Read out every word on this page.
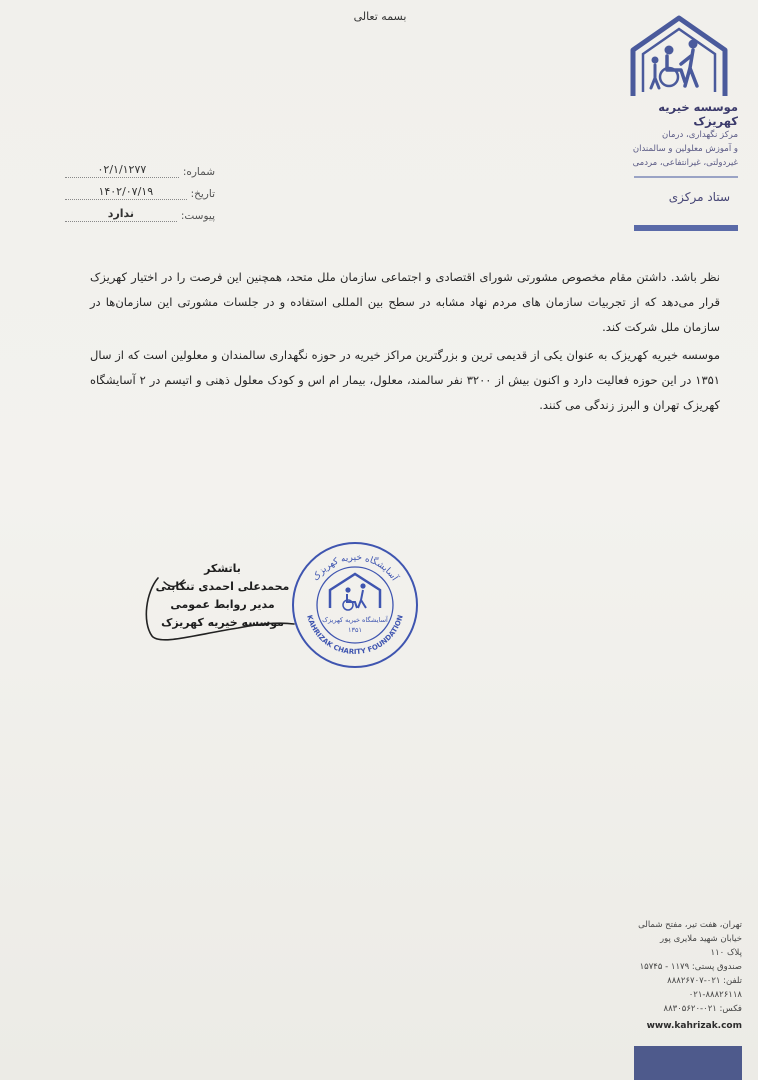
بسمه تعالی
موسسه خیریه کهریزک
مرکز نگهداری، درمان
و آموزش معلولین و سالمندان
غیردولتی، غیرانتفاعی، مردمی
ستاد مرکزی
شماره:
۰۲/۱/۱۲۷۷
تاریخ:
۱۴۰۲/۰۷/۱۹
پیوست:
ندارد

نظر باشد. داشتن مقام مخصوص مشورتی شورای اقتصادی و اجتماعی سازمان ملل متحد، همچنین این فرصت را در اختیار کهریزک قرار می‌دهد که از تجربیات سازمان های مردم نهاد مشابه در سطح بین المللی استفاده و در جلسات مشورتی این سازمان‌ها در سازمان ملل شرکت کند.

موسسه خیریه کهریزک به عنوان یکی از قدیمی ترین و بزرگترین مراکز خیریه در حوزه نگهداری سالمندان و معلولین است که از سال ۱۳۵۱ در این حوزه فعالیت دارد و اکنون بیش از ۳۲۰۰ نفر سالمند، معلول، بیمار ام اس و کودک معلول ذهنی و اتیسم در ۲ آسایشگاه کهریزک تهران و البرز زندگی می کنند.

آسایشگاه خیریه کهریزک
KAHRIZAK CHARITY FOUNDATION
آسایشگاه خیریه کهریزک
۱۳۵۱
باتشکر
محمدعلی احمدی تنکابنی
مدیر روابط عمومی
موسسه خیریه کهریزک
تهران، هفت تیر، مفتح شمالی
خیابان شهید ملایری پور
پلاک ۱۱۰
صندوق پستی: ۱۱۷۹ - ۱۵۷۴۵
تلفن: ۰۲۱-۸۸۸۲۶۷۰۷
۰۲۱-۸۸۸۲۶۱۱۸
فکس: ۰۲۱-۸۸۳۰۵۶۲۰
www.kahrizak.com
